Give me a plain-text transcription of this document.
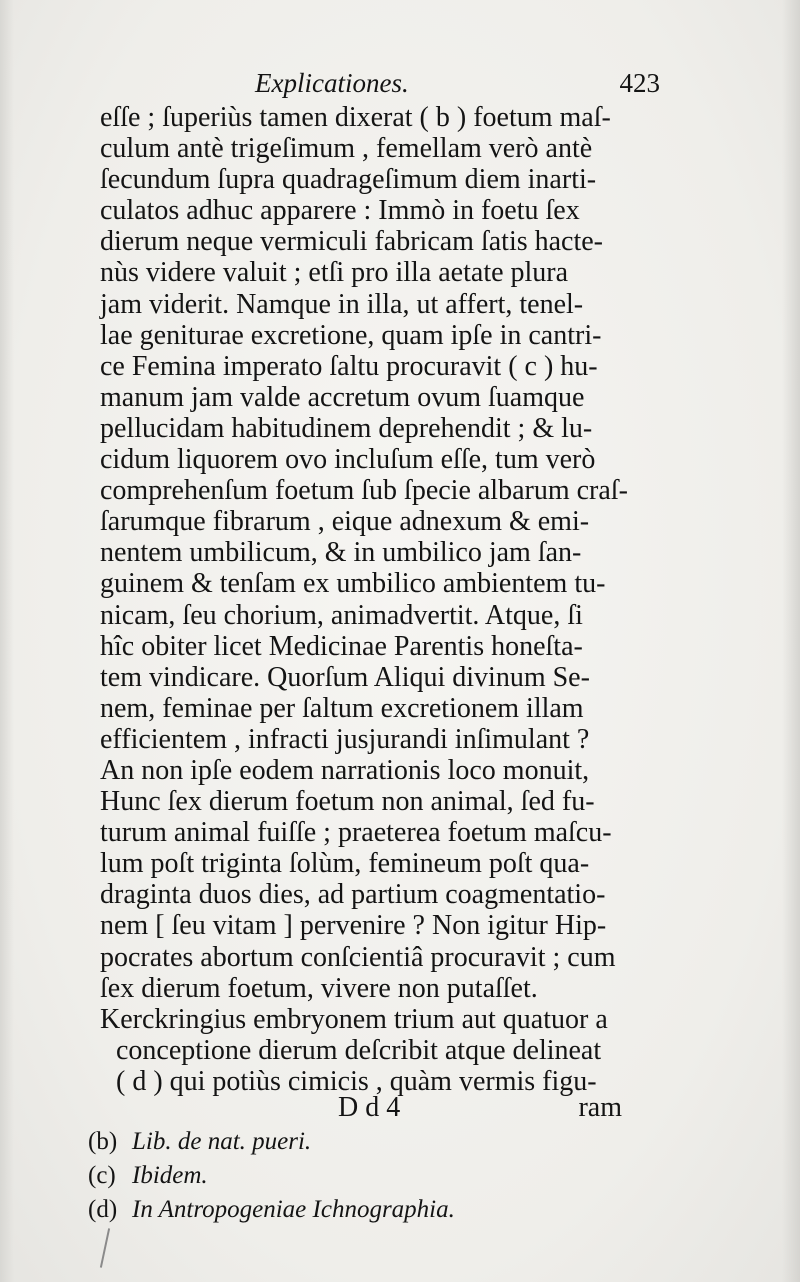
Explicationes.	423
eſſe ; ſuperiùs tamen dixerat ( b ) foetum maſ-
culum antè trigeſimum , femellam verò antè
ſecundum ſupra quadrageſimum diem inarti-
culatos adhuc apparere : Immò in foetu ſex
dierum neque vermiculi fabricam ſatis hacte-
nùs videre valuit ; etſi pro illa aetate plura
jam viderit. Namque in illa, ut affert, tenel-
lae geniturae excretione, quam ipſe in cantri-
ce Femina imperato ſaltu procuravit ( c ) hu-
manum jam valde accretum ovum ſuamque
pellucidam habitudinem deprehendit ; & lu-
cidum liquorem ovo incluſum eſſe, tum verò
comprehenſum foetum ſub ſpecie albarum craſ-
ſarumque fibrarum , eique adnexum & emi-
nentem umbilicum, & in umbilico jam ſan-
guinem & tenſam ex umbilico ambientem tu-
nicam, ſeu chorium, animadvertit. Atque, ſi
hîc obiter licet Medicinae Parentis honeſta-
tem vindicare. Quorſum Aliqui divinum Se-
nem, feminae per ſaltum excretionem illam
efficientem , infracti jusjurandi inſimulant ?
An non ipſe eodem narrationis loco monuit,
Hunc ſex dierum foetum non animal, ſed fu-
turum animal fuiſſe ; praeterea foetum maſcu-
lum poſt triginta ſolùm, femineum poſt qua-
draginta duos dies, ad partium coagmentatio-
nem [ ſeu vitam ] pervenire ? Non igitur Hip-
pocrates abortum conſcientiâ procuravit ; cum
ſex dierum foetum, vivere non putaſſet.
Kerckringius embryonem trium aut quatuor a
conceptione dierum deſcribit atque delineat
( d ) qui potiùs cimicis , quàm vermis figu-
D d 4	ram
(b) Lib. de nat. pueri.
(c) Ibidem.
(d) In Antropogeniae Ichnographia.
